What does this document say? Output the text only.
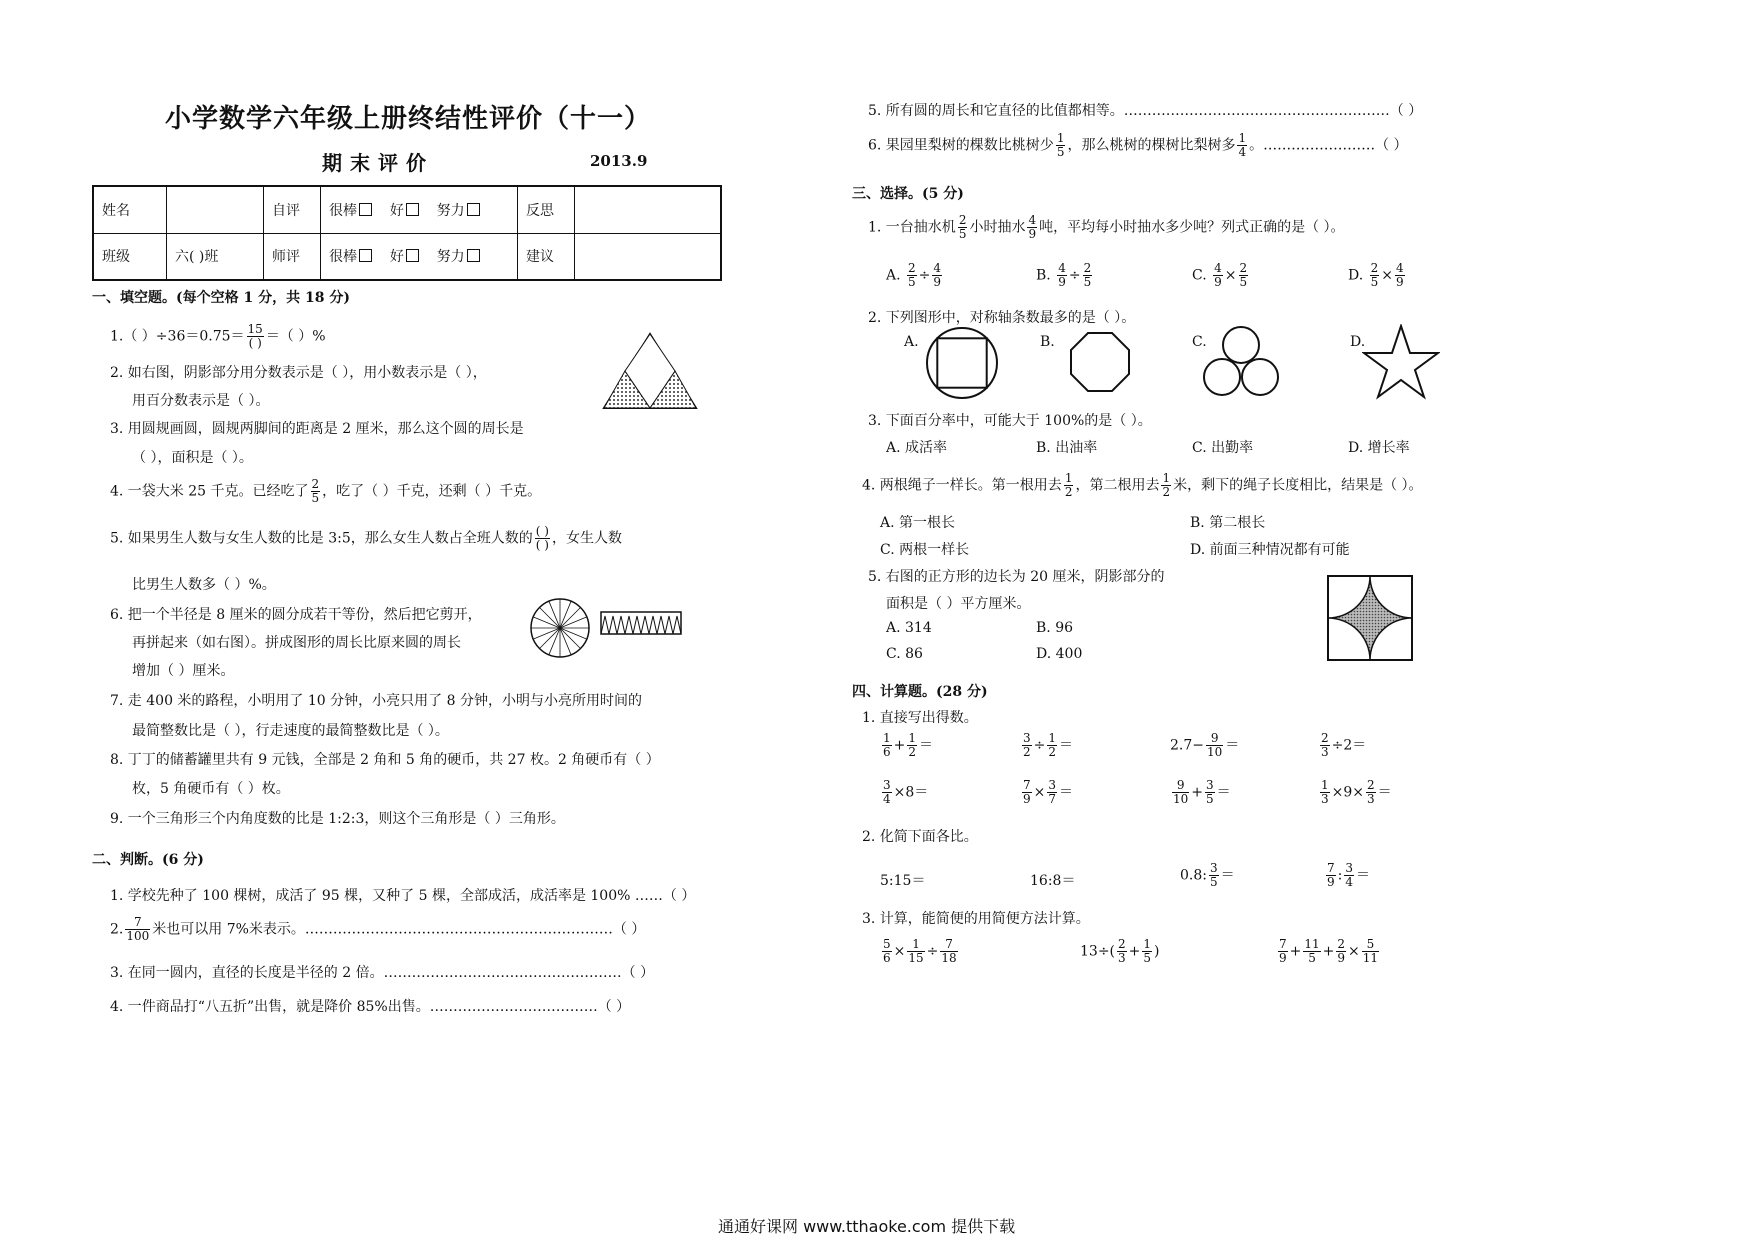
小学数学六年级上册终结性评价（十一）
期末评价	2013.9
姓名		自评	很棒 好 努力	反思	
班级	六( )班	师评	很棒 好 努力	建议	
一、填空题。(每个空格 1 分，共 18 分)
1.（ ）$\div 36=0.75= \frac{15}{( )}$ ＝（ ）%
2. 如右图，阴影部分用分数表示是（ ），用小数表示是（ ），
用百分数表示是（ ）。
3. 用圆规画圆，圆规两脚间的距离是 2 厘米，那么这个圆的周长是
（ ），面积是（ ）。
4. 一袋大米 25 千克。已经吃了 $\frac{2}{5}$ ，吃了（ ）千克，还剩（ ）千克。
5. 如果男生人数与女生人数的比是 3:5，那么女生人数占全班人数的 $\frac{( )}{( )}$ ，女生人数
比男生人数多（ ）%。
6. 把一个半径是 8 厘米的圆分成若干等份，然后把它剪开，
再拼起来（如右图）。拼成图形的周长比原来圆的周长
增加（ ）厘米。
7. 走 400 米的路程，小明用了 10 分钟，小亮只用了 8 分钟，小明与小亮所用时间的
最简整数比是（ ），行走速度的最简整数比是（ ）。
8. 丁丁的储蓄罐里共有 9 元钱，全部是 2 角和 5 角的硬币，共 27 枚。2 角硬币有（ ）
枚，5 角硬币有（ ）枚。
9. 一个三角形三个内角度数的比是 1:2:3，则这个三角形是（ ）三角形。
二、判断。(6 分)
1. 学校先种了 100 棵树，成活了 95 棵，又种了 5 棵，全部成活，成活率是 100% ……（ ）
2. $\frac{7}{100}$ 米也可以用 7%米表示。…………………………………………………………（ ）
3. 在同一圆内，直径的长度是半径的 2 倍。……………………………………………（ ）
4. 一件商品打“八五折”出售，就是降价 85%出售。………………………………（ ）
5. 所有圆的周长和它直径的比值都相等。…………………………………………………（ ）
6. 果园里梨树的棵数比桃树少 $\frac{1}{5}$ ，那么桃树的棵树比梨树多 $\frac{1}{4}$ 。……………………（ ）
三、选择。(5 分)
1. 一台抽水机 $\frac{2}{5}$ 小时抽水 $\frac{4}{9}$ 吨，平均每小时抽水多少吨？列式正确的是（ ）。
A. $\frac{2}{5} \div \frac{4}{9}$	B. $\frac{4}{9} \div \frac{2}{5}$	C. $\frac{4}{9} \times \frac{2}{5}$	D. $\frac{2}{5} \times \frac{4}{9}$
2. 下列图形中，对称轴条数最多的是（ ）。
A.	B.	C.	D.
3. 下面百分率中，可能大于 100%的是（ ）。
A. 成活率	B. 出油率	C. 出勤率	D. 增长率
4. 两根绳子一样长。第一根用去 $\frac{1}{2}$ ，第二根用去 $\frac{1}{2}$ 米，剩下的绳子长度相比，结果是（ ）。
A. 第一根长	B. 第二根长
C. 两根一样长	D. 前面三种情况都有可能
5. 右图的正方形的边长为 20 厘米，阴影部分的
面积是（ ）平方厘米。
A. 314	B. 96
C. 86	D. 400
四、计算题。(28 分)
1. 直接写出得数。
$\frac{1}{6} + \frac{1}{2}$ ＝	$\frac{3}{2} \div \frac{1}{2}$ ＝	$2.7- \frac{9}{10}$ ＝	$\frac{2}{3} \div 2=$
$\frac{3}{4} \times 8=$	$\frac{7}{9} \times \frac{3}{7}$ ＝	$\frac{9}{10} + \frac{3}{5}$ ＝	$\frac{1}{3} \times 9\times \frac{2}{3}$ ＝
2. 化简下面各比。
5:15＝	16:8＝	0.8: $\frac{3}{5}$ ＝	$\frac{7}{9}$ : $\frac{3}{4}$ ＝
3. 计算，能简便的用简便方法计算。
$\frac{5}{6} \times \frac{1}{15} \div \frac{7}{18}$	$13\div( \frac{2}{3} + \frac{1}{5}$ )	$\frac{7}{9} + \frac{11}{5} + \frac{2}{9} \times \frac{5}{11}$
通通好课网 www.tthaoke.com 提供下载
